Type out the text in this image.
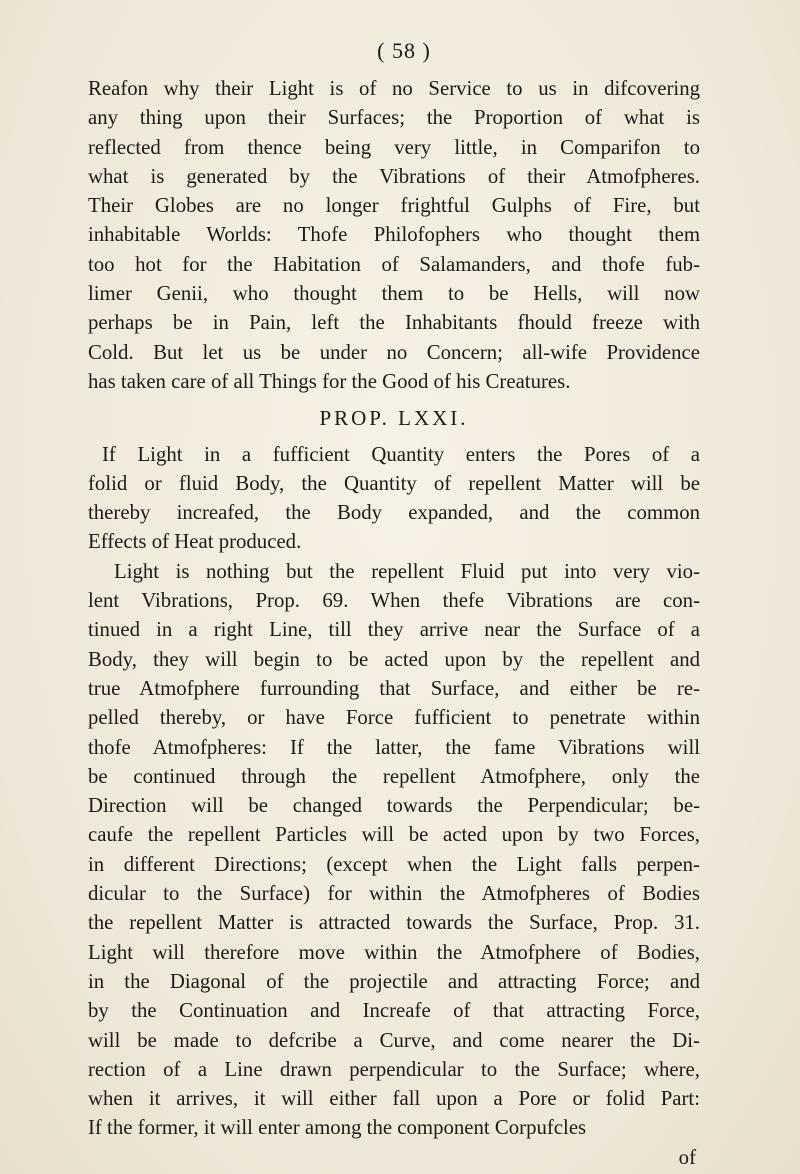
( 58 )
Reafon why their Light is of no Service to us in difcovering
any thing upon their Surfaces; the Proportion of what is
reflected from thence being very little, in Comparifon to
what is generated by the Vibrations of their Atmofpheres.
Their Globes are no longer frightful Gulphs of Fire, but
inhabitable Worlds: Thofe Philofophers who thought them
too hot for the Habitation of Salamanders, and thofe fub-
limer Genii, who thought them to be Hells, will now
perhaps be in Pain, left the Inhabitants fhould freeze with
Cold. But let us be under no Concern; all-wife Providence
has taken care of all Things for the Good of his Creatures.
PROP. LXXI.
If Light in a fufficient Quantity enters the Pores of a
folid or fluid Body, the Quantity of repellent Matter will be
thereby increafed, the Body expanded, and the common
Effects of Heat produced.
Light is nothing but the repellent Fluid put into very vio-
lent Vibrations, Prop. 69. When thefe Vibrations are con-
tinued in a right Line, till they arrive near the Surface of a
Body, they will begin to be acted upon by the repellent and
true Atmofphere furrounding that Surface, and either be re-
pelled thereby, or have Force fufficient to penetrate within
thofe Atmofpheres: If the latter, the fame Vibrations will
be continued through the repellent Atmofphere, only the
Direction will be changed towards the Perpendicular; be-
caufe the repellent Particles will be acted upon by two Forces,
in different Directions; (except when the Light falls perpen-
dicular to the Surface) for within the Atmofpheres of Bodies
the repellent Matter is attracted towards the Surface, Prop. 31.
Light will therefore move within the Atmofphere of Bodies,
in the Diagonal of the projectile and attracting Force; and
by the Continuation and Increafe of that attracting Force,
will be made to defcribe a Curve, and come nearer the Di-
rection of a Line drawn perpendicular to the Surface; where,
when it arrives, it will either fall upon a Pore or folid Part:
If the former, it will enter among the component Corpufcles
of
